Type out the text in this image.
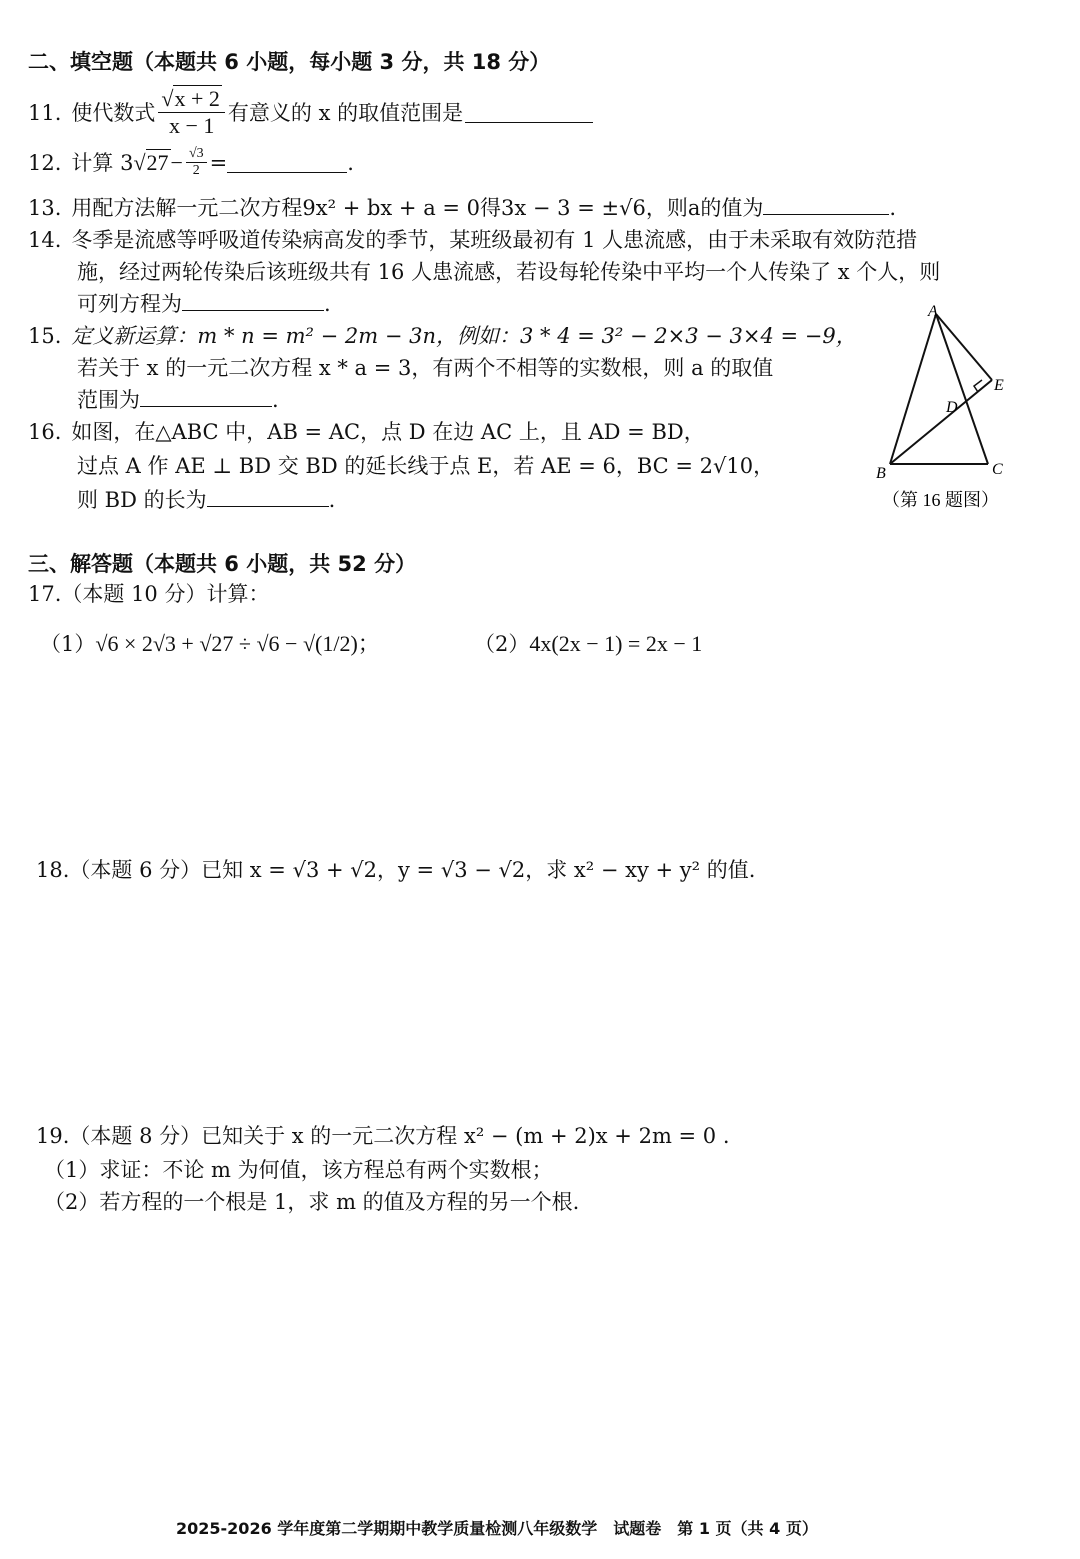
二、填空题（本题共 6 小题，每小题 3 分，共 18 分）
11. 使代数式 $\frac{√x + 2}{x - 1}$ 有意义的 x 的取值范围是
12. 计算 3 $√27 - \frac{√3}{2}$ =	.
13. 用配方法解一元二次方程9x² + bx + a = 0得3x − 3 = ±√6，则a的值为	.
14. 冬季是流感等呼吸道传染病高发的季节，某班级最初有 1 人患流感，由于未采取有效防范措
施，经过两轮传染后该班级共有 16 人患流感，若设每轮传染中平均一个人传染了 x 个人，则
可列方程为	.
15. 定义新运算：m * n = m² − 2m − 3n，例如：3 * 4 = 3² − 2×3 − 3×4 = −9，
若关于 x 的一元二次方程 x * a = 3，有两个不相等的实数根，则 a 的取值
范围为	.
16. 如图，在△ABC 中，AB = AC，点 D 在边 AC 上，且 AD = BD，
过点 A 作 AE ⊥ BD 交 BD 的延长线于点 E，若 AE = 6，BC = 2√10，
则 BD 的长为	.
A
B	C
D
E
（第 16 题图）
三、解答题（本题共 6 小题，共 52 分）
17.（本题 10 分）计算：
（1）√6 × 2√3 + √27 ÷ √6 − √(1/2)；	（2）4x(2x − 1) = 2x − 1
18.（本题 6 分）已知 x = √3 + √2，y = √3 − √2，求 x² − xy + y² 的值.
19.（本题 8 分）已知关于 x 的一元二次方程 x² − (m + 2)x + 2m = 0 .
（1）求证：不论 m 为何值，该方程总有两个实数根；
（2）若方程的一个根是 1，求 m 的值及方程的另一个根.
2025-2026 学年度第二学期期中教学质量检测八年级数学　试题卷　第 1 页（共 4 页）
